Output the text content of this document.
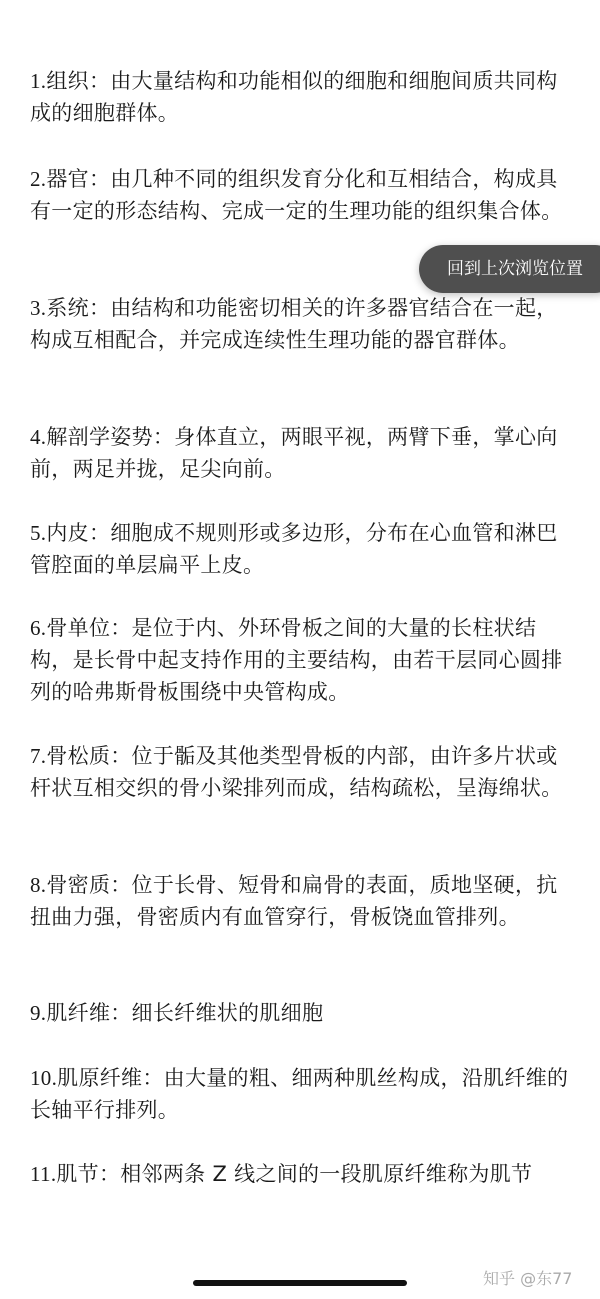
1.组织：由大量结构和功能相似的细胞和细胞间质共同构成的细胞群体。

2.器官：由几种不同的组织发育分化和互相结合，构成具有一定的形态结构、完成一定的生理功能的组织集合体。

3.系统：由结构和功能密切相关的许多器官结合在一起，构成互相配合，并完成连续性生理功能的器官群体。

4.解剖学姿势：身体直立，两眼平视，两臂下垂，掌心向前，两足并拢，足尖向前。

5.内皮：细胞成不规则形或多边形，分布在心血管和淋巴管腔面的单层扁平上皮。

6.骨单位：是位于内、外环骨板之间的大量的长柱状结构，是长骨中起支持作用的主要结构，由若干层同心圆排列的哈弗斯骨板围绕中央管构成。

7.骨松质：位于骺及其他类型骨板的内部，由许多片状或杆状互相交织的骨小梁排列而成，结构疏松，呈海绵状。

8.骨密质：位于长骨、短骨和扁骨的表面，质地坚硬，抗扭曲力强，骨密质内有血管穿行，骨板饶血管排列。

9.肌纤维：细长纤维状的肌细胞

10.肌原纤维：由大量的粗、细两种肌丝构成，沿肌纤维的长轴平行排列。

11.肌节：相邻两条 Z 线之间的一段肌原纤维称为肌节

回到上次浏览位置
知乎 @东77
